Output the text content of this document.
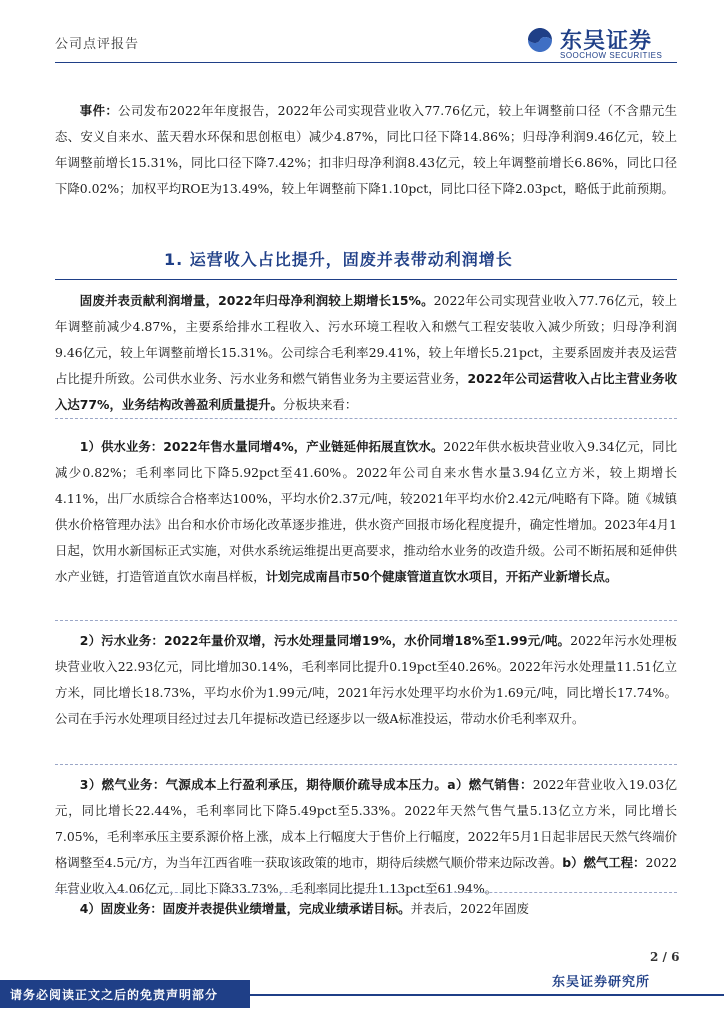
公司点评报告	东吴证券
SOOCHOW SECURITIES
事件：公司发布2022年年度报告，2022年公司实现营业收入77.76亿元，较上年调整前口径（不含鼎元生态、安义自来水、蓝天碧水环保和思创枢电）减少4.87%，同比口径下降14.86%；归母净利润9.46亿元，较上年调整前增长15.31%，同比口径下降7.42%；扣非归母净利润8.43亿元，较上年调整前增长6.86%，同比口径下降0.02%；加权平均ROE为13.49%，较上年调整前下降1.10pct，同比口径下降2.03pct，略低于此前预期。
1. 运营收入占比提升，固废并表带动利润增长
固废并表贡献利润增量，2022年归母净利润较上期增长15%。2022年公司实现营业收入77.76亿元，较上年调整前减少4.87%，主要系给排水工程收入、污水环境工程收入和燃气工程安装收入减少所致；归母净利润9.46亿元，较上年调整前增长15.31%。公司综合毛利率29.41%，较上年增长5.21pct，主要系固废并表及运营占比提升所致。公司供水业务、污水业务和燃气销售业务为主要运营业务，2022年公司运营收入占比主营业务收入达77%，业务结构改善盈利质量提升。分板块来看：
1）供水业务：2022年售水量同增4%，产业链延伸拓展直饮水。2022年供水板块营业收入9.34亿元，同比减少0.82%；毛利率同比下降5.92pct至41.60%。2022年公司自来水售水量3.94亿立方米，较上期增长4.11%，出厂水质综合合格率达100%，平均水价2.37元/吨，较2021年平均水价2.42元/吨略有下降。随《城镇供水价格管理办法》出台和水价市场化改革逐步推进，供水资产回报市场化程度提升，确定性增加。2023年4月1日起，饮用水新国标正式实施，对供水系统运维提出更高要求，推动给水业务的改造升级。公司不断拓展和延伸供水产业链，打造管道直饮水南昌样板，计划完成南昌市50个健康管道直饮水项目，开拓产业新增长点。
2）污水业务：2022年量价双增，污水处理量同增19%，水价同增18%至1.99元/吨。2022年污水处理板块营业收入22.93亿元，同比增加30.14%，毛利率同比提升0.19pct至40.26%。2022年污水处理量11.51亿立方米，同比增长18.73%，平均水价为1.99元/吨，2021年污水处理平均水价为1.69元/吨，同比增长17.74%。公司在手污水处理项目经过过去几年提标改造已经逐步以一级A标准投运，带动水价毛利率双升。
3）燃气业务：气源成本上行盈利承压，期待顺价疏导成本压力。a）燃气销售：2022年营业收入19.03亿元，同比增长22.44%，毛利率同比下降5.49pct至5.33%。2022年天然气售气量5.13亿立方米，同比增长7.05%，毛利率承压主要系源价格上涨，成本上行幅度大于售价上行幅度，2022年5月1日起非居民天然气终端价格调整至4.5元/方，为当年江西省唯一获取该政策的地市，期待后续燃气顺价带来边际改善。b）燃气工程：2022年营业收入4.06亿元，同比下降33.73%，毛利率同比提升1.13pct至61.94%。
4）固废业务：固废并表提供业绩增量，完成业绩承诺目标。并表后，2022年固废
2 / 6
请务必阅读正文之后的免责声明部分
东吴证券研究所
